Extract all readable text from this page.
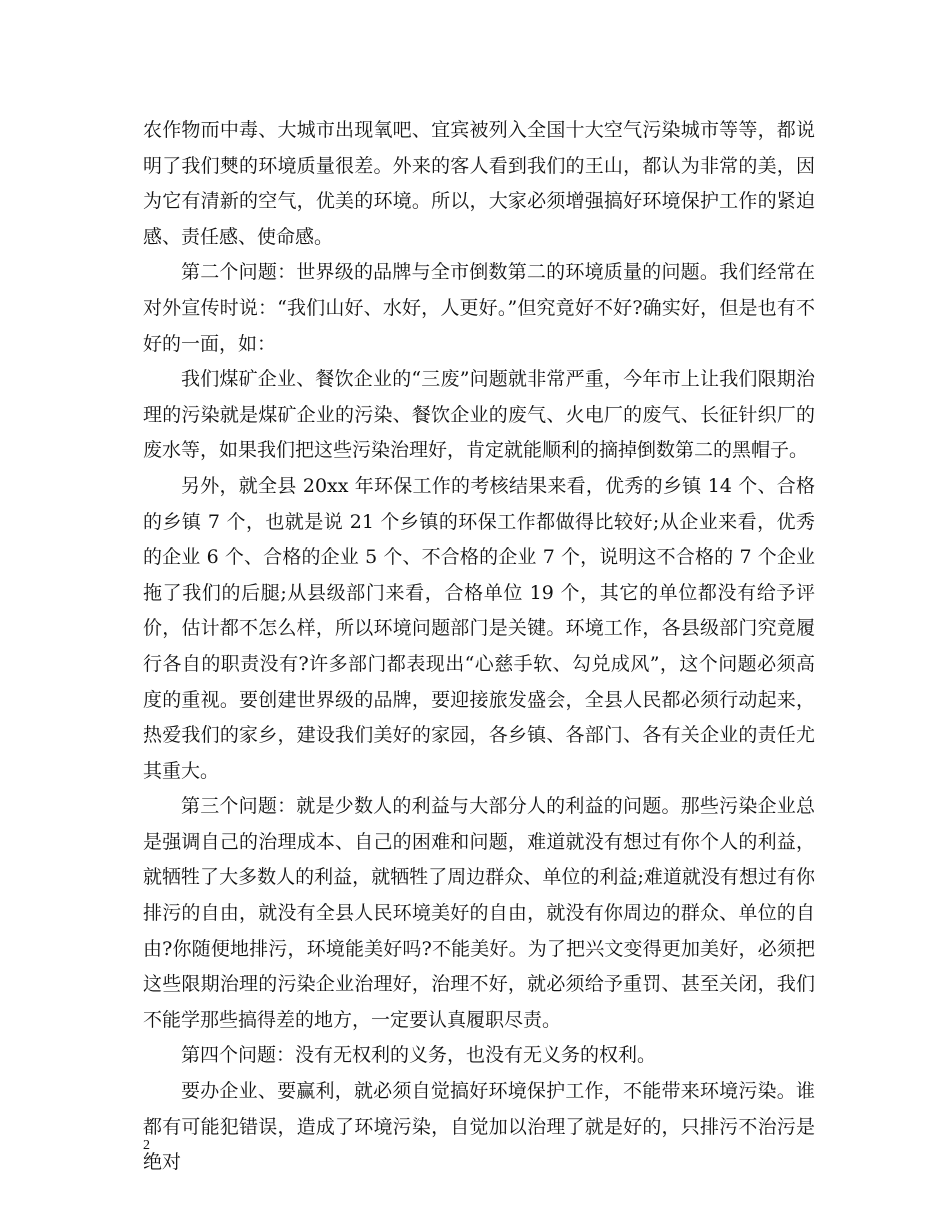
农作物而中毒、大城市出现氧吧、宜宾被列入全国十大空气污染城市等等，都说明了我们僰的环境质量很差。外来的客人看到我们的王山，都认为非常的美，因为它有清新的空气，优美的环境。所以，大家必须增强搞好环境保护工作的紧迫感、责任感、使命感。

第二个问题：世界级的品牌与全市倒数第二的环境质量的问题。我们经常在对外宣传时说：“我们山好、水好，人更好。”但究竟好不好?确实好，但是也有不好的一面，如：

我们煤矿企业、餐饮企业的“三废”问题就非常严重，今年市上让我们限期治理的污染就是煤矿企业的污染、餐饮企业的废气、火电厂的废气、长征针织厂的废水等，如果我们把这些污染治理好，肯定就能顺利的摘掉倒数第二的黑帽子。

另外，就全县 20xx 年环保工作的考核结果来看，优秀的乡镇 14 个、合格的乡镇 7 个，也就是说 21 个乡镇的环保工作都做得比较好;从企业来看，优秀的企业 6 个、合格的企业 5 个、不合格的企业 7 个，说明这不合格的 7 个企业拖了我们的后腿;从县级部门来看，合格单位 19 个，其它的单位都没有给予评价，估计都不怎么样，所以环境问题部门是关键。环境工作，各县级部门究竟履行各自的职责没有?许多部门都表现出“心慈手软、勾兑成风”，这个问题必须高度的重视。要创建世界级的品牌，要迎接旅发盛会，全县人民都必须行动起来，热爱我们的家乡，建设我们美好的家园，各乡镇、各部门、各有关企业的责任尤其重大。

第三个问题：就是少数人的利益与大部分人的利益的问题。那些污染企业总是强调自己的治理成本、自己的困难和问题，难道就没有想过有你个人的利益，就牺牲了大多数人的利益，就牺牲了周边群众、单位的利益;难道就没有想过有你排污的自由，就没有全县人民环境美好的自由，就没有你周边的群众、单位的自由?你随便地排污，环境能美好吗?不能美好。为了把兴文变得更加美好，必须把这些限期治理的污染企业治理好，治理不好，就必须给予重罚、甚至关闭，我们不能学那些搞得差的地方，一定要认真履职尽责。

第四个问题：没有无权利的义务，也没有无义务的权利。

要办企业、要赢利，就必须自觉搞好环境保护工作，不能带来环境污染。谁都有可能犯错误，造成了环境污染，自觉加以治理了就是好的，只排污不治污是绝对

2
